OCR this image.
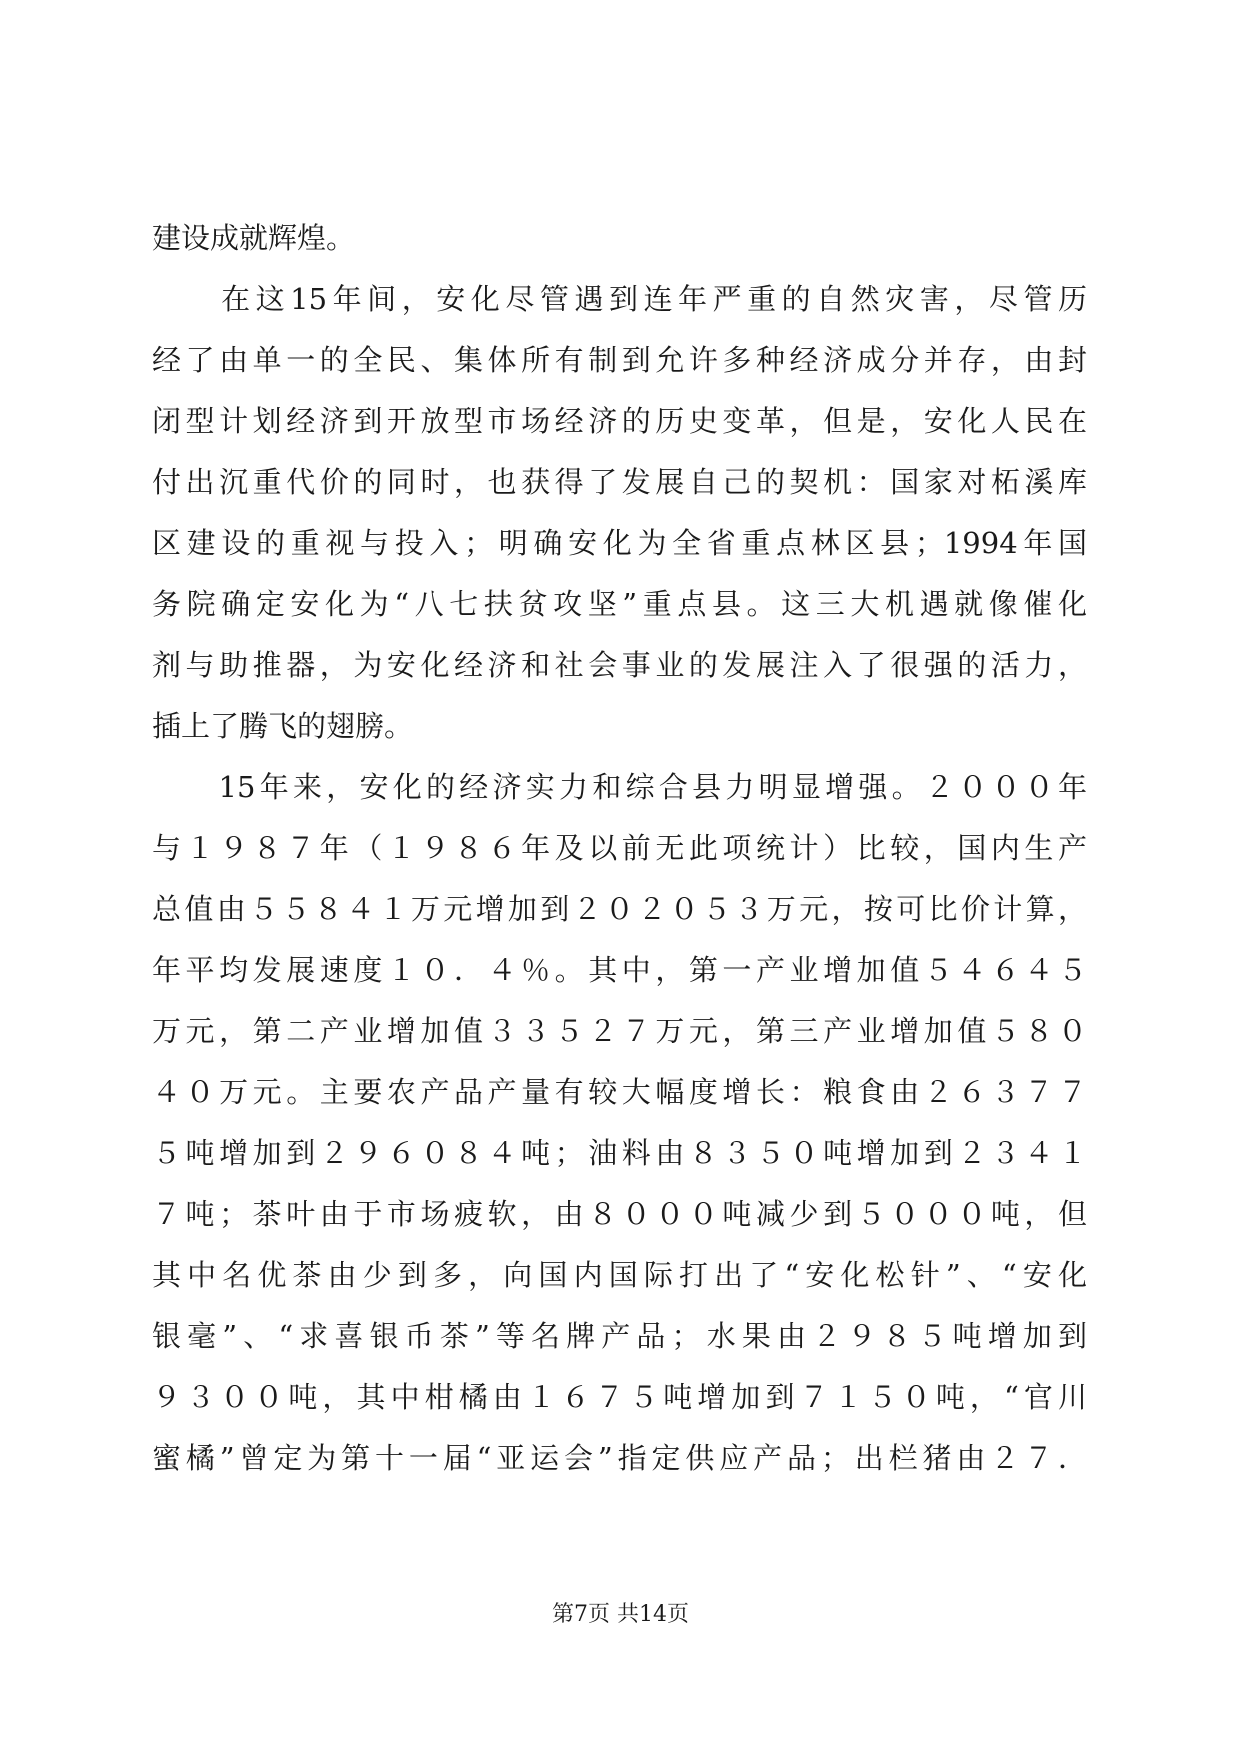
建设成就辉煌。
　　在这15年间，安化尽管遇到连年严重的自然灾害，尽管历
经了由单一的全民、集体所有制到允许多种经济成分并存，由封
闭型计划经济到开放型市场经济的历史变革，但是，安化人民在
付出沉重代价的同时，也获得了发展自己的契机：国家对柘溪库
区建设的重视与投入；明确安化为全省重点林区县；1994年国
务院确定安化为“八七扶贫攻坚”重点县。这三大机遇就像催化
剂与助推器，为安化经济和社会事业的发展注入了很强的活力，
插上了腾飞的翅膀。
　　15年来，安化的经济实力和综合县力明显增强。２０００年
与１９８７年（１９８６年及以前无此项统计）比较，国内生产
总值由５５８４１万元增加到２０２０５３万元，按可比价计算，
年平均发展速度１０．４％。其中，第一产业增加值５４６４５
万元，第二产业增加值３３５２７万元，第三产业增加值５８０
４０万元。主要农产品产量有较大幅度增长：粮食由２６３７７
５吨增加到２９６０８４吨；油料由８３５０吨增加到２３４１
７吨；茶叶由于市场疲软，由８０００吨减少到５０００吨，但
其中名优茶由少到多，向国内国际打出了“安化松针”、“安化
银毫”、“求喜银币茶”等名牌产品；水果由２９８５吨增加到
９３００吨，其中柑橘由１６７５吨增加到７１５０吨，“官川
蜜橘”曾定为第十一届“亚运会”指定供应产品；出栏猪由２７．
第7页 共14页
